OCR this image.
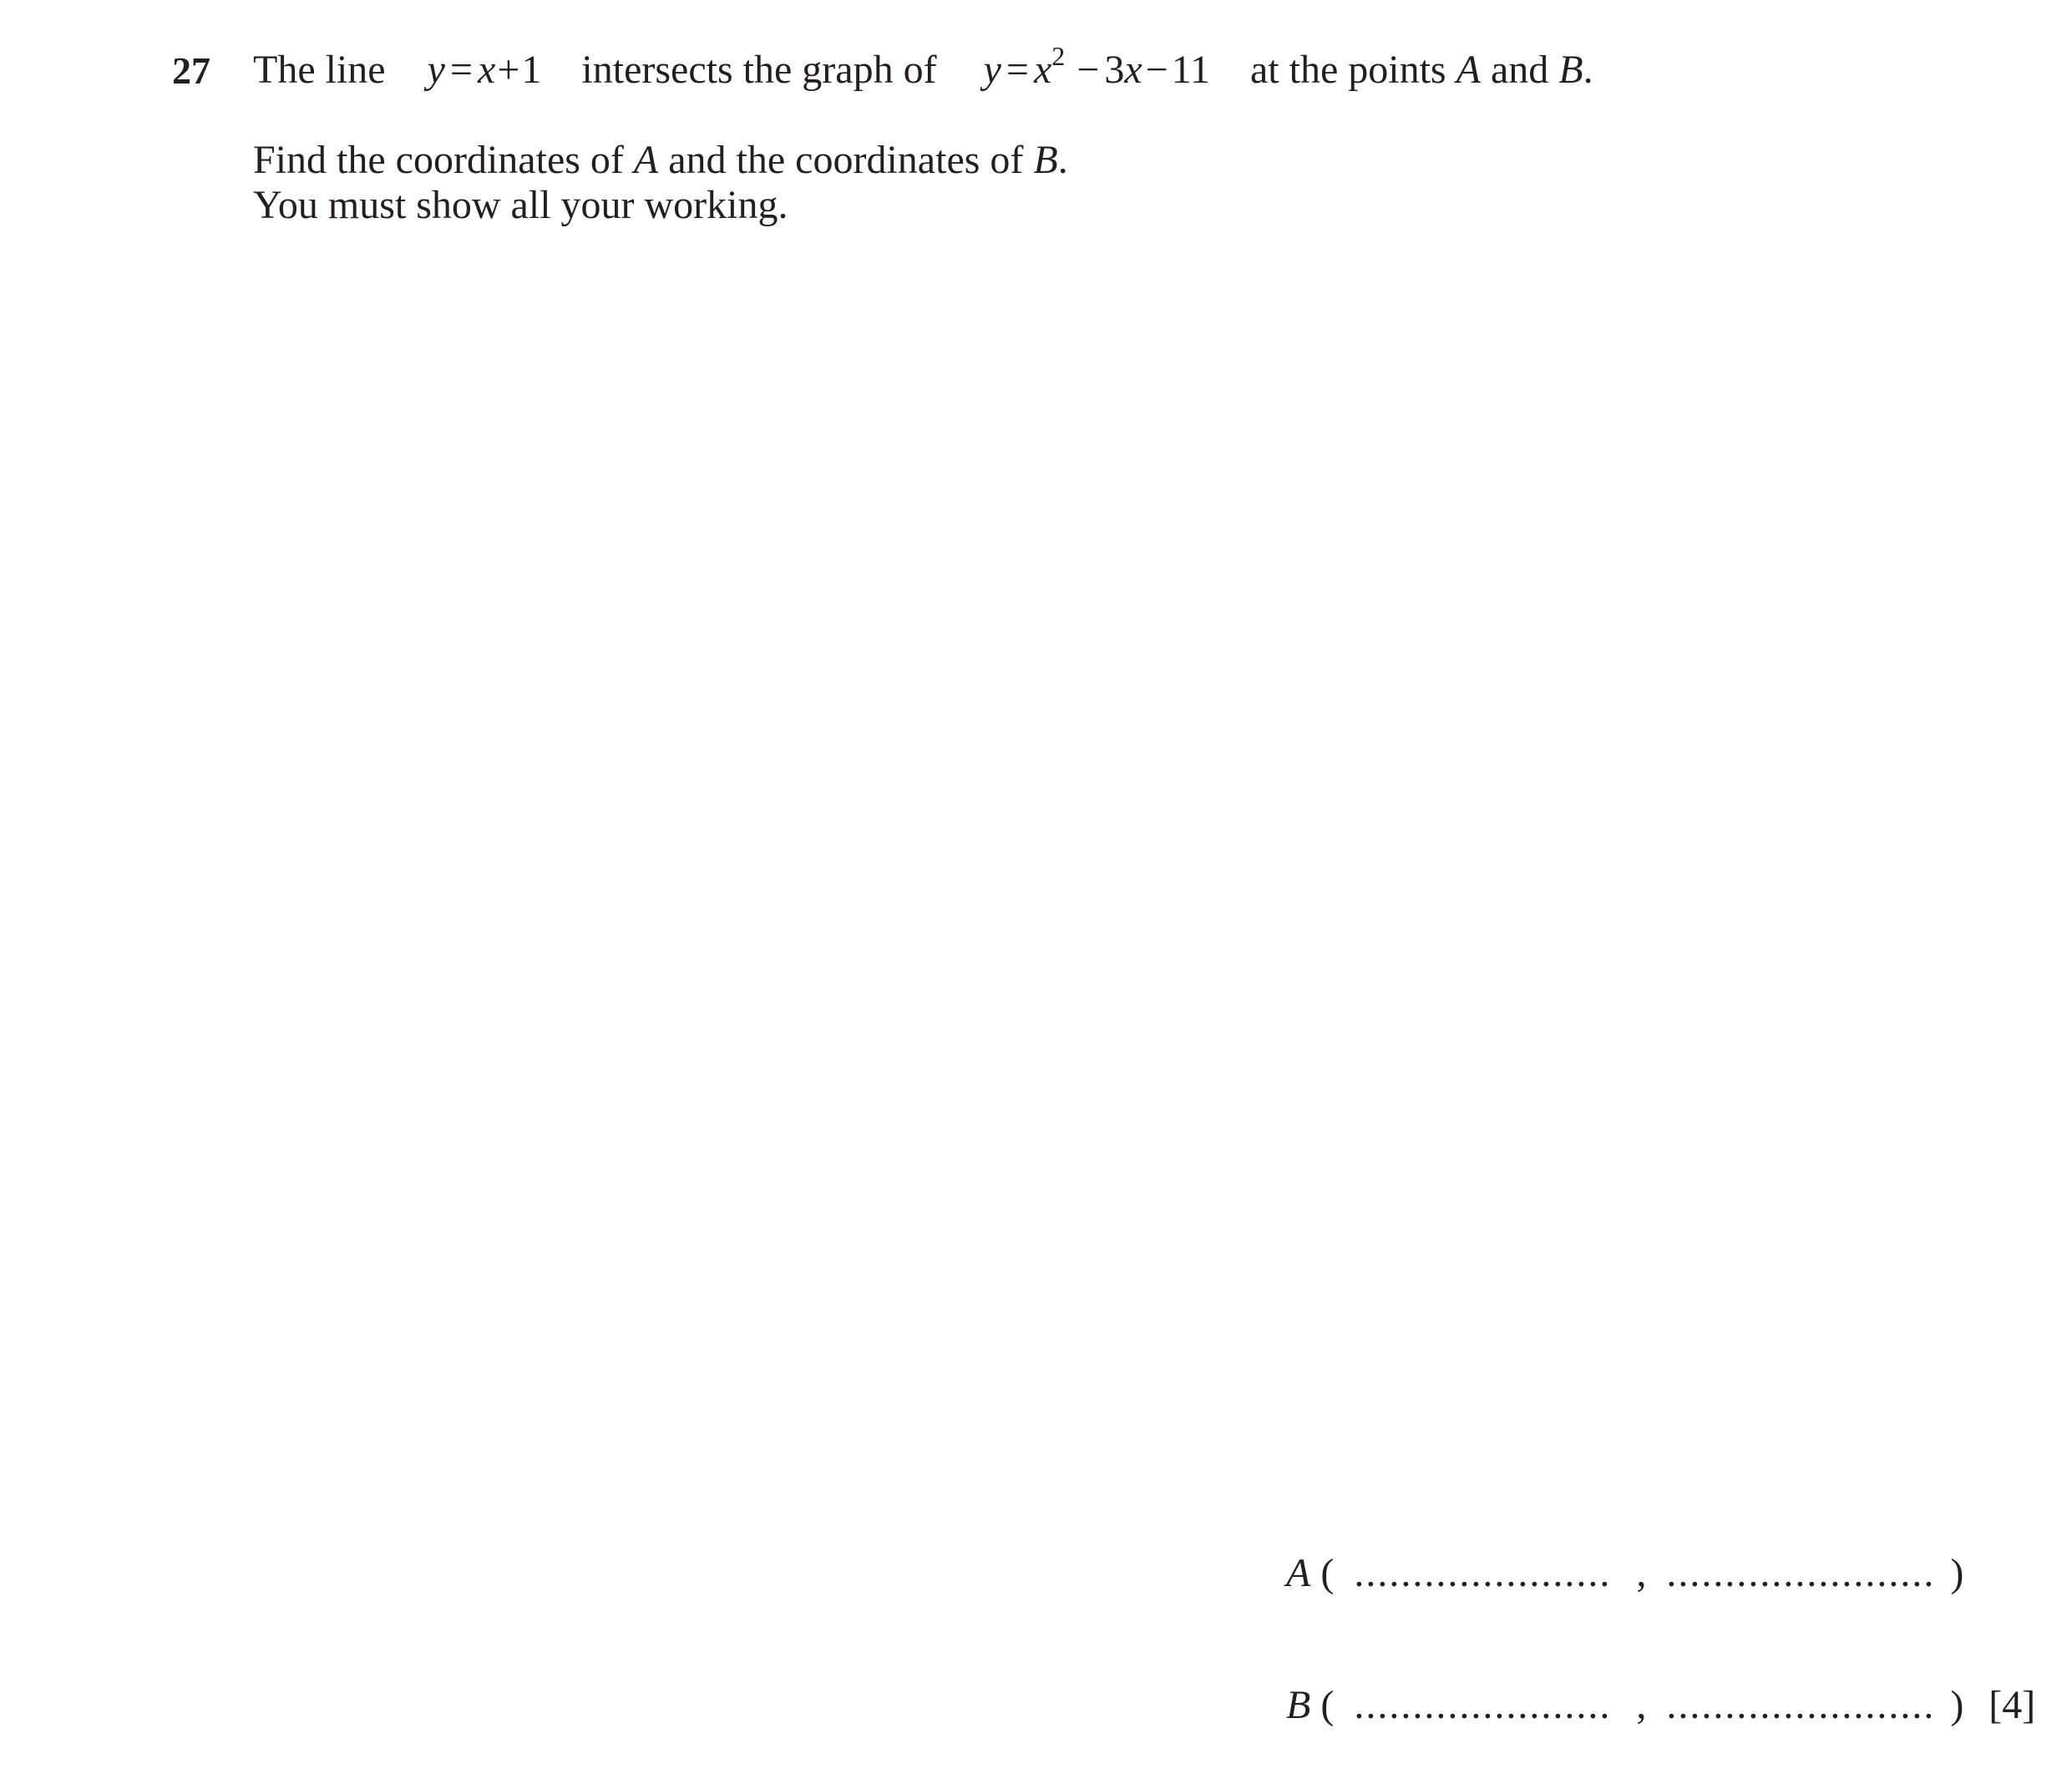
27 The line y = x+1 intersects the graph of $y = x^2 - 3x-11$ at the points A and B.
Find the coordinates of A and the coordinates of B.
You must show all your working.
A ( ...................... , ....................... )
B ( ...................... , ....................... ) [4]
